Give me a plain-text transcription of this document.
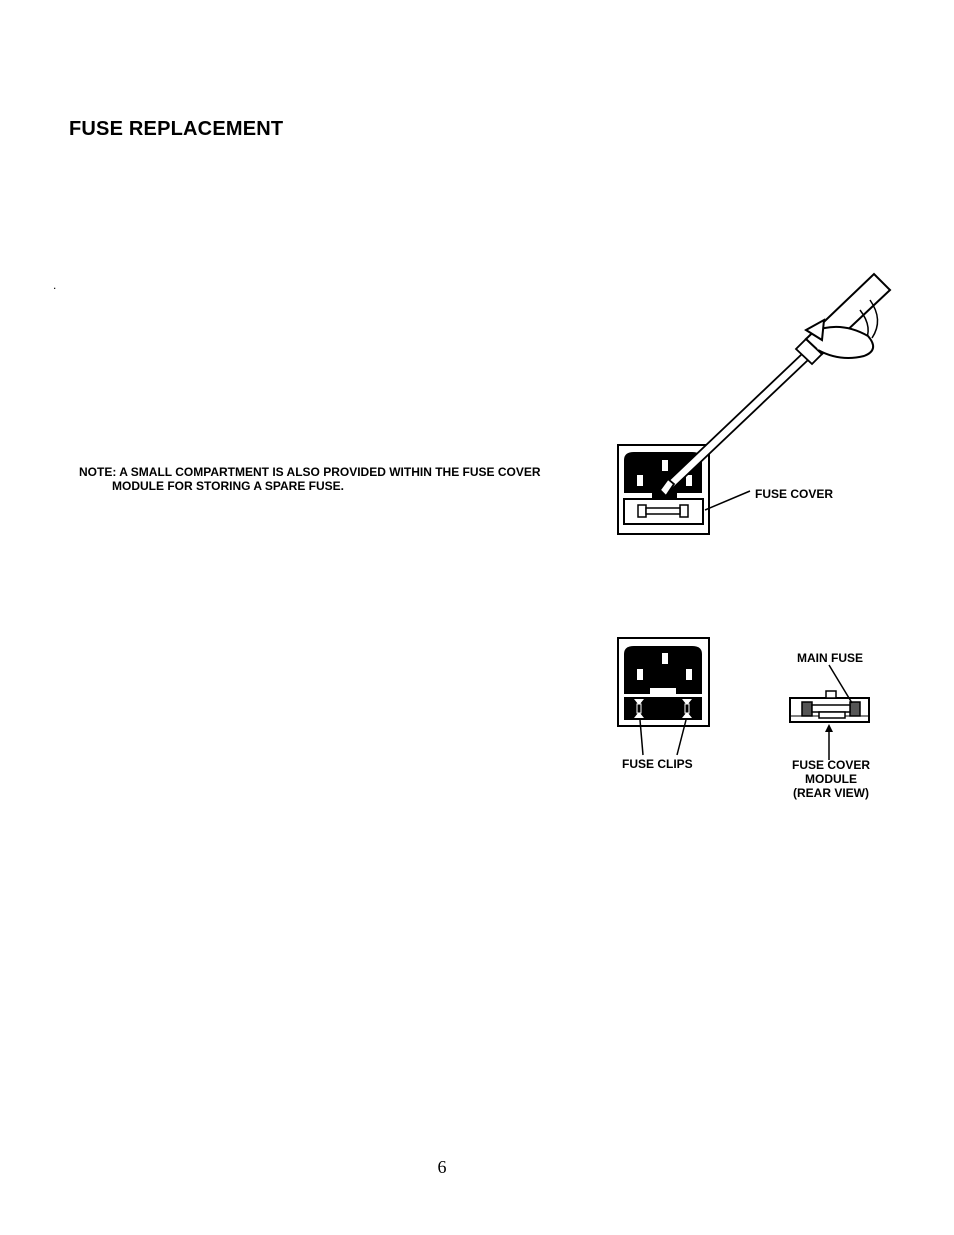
FUSE REPLACEMENT
.
NOTE: A SMALL COMPARTMENT IS ALSO PROVIDED WITHIN THE FUSE COVER
MODULE FOR STORING A SPARE FUSE.
FUSE COVER
FUSE CLIPS
MAIN FUSE
FUSE COVER
MODULE
(REAR VIEW)
6
